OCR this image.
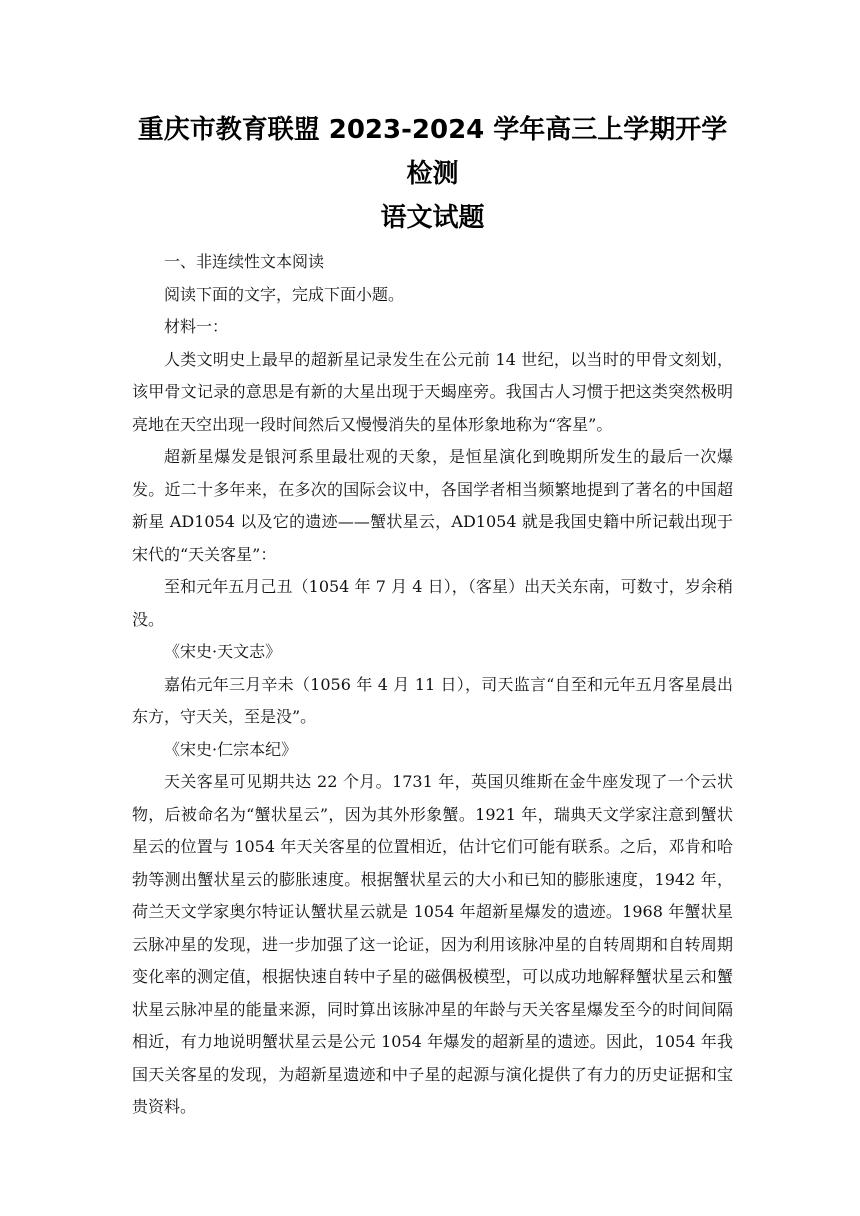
重庆市教育联盟 2023-2024 学年高三上学期开学检测
语文试题

一、非连续性文本阅读

阅读下面的文字，完成下面小题。

材料一：

人类文明史上最早的超新星记录发生在公元前 14 世纪，以当时的甲骨文刻划，该甲骨文记录的意思是有新的大星出现于天蝎座旁。我国古人习惯于把这类突然极明亮地在天空出现一段时间然后又慢慢消失的星体形象地称为“客星”。

超新星爆发是银河系里最壮观的天象，是恒星演化到晚期所发生的最后一次爆发。近二十多年来，在多次的国际会议中，各国学者相当频繁地提到了著名的中国超新星 AD1054 以及它的遗迹——蟹状星云，AD1054 就是我国史籍中所记载出现于宋代的“天关客星”：

至和元年五月己丑（1054 年 7 月 4 日），（客星）出天关东南，可数寸，岁余稍没。

《宋史·天文志》

嘉佑元年三月辛未（1056 年 4 月 11 日），司天监言“自至和元年五月客星晨出东方，守天关，至是没”。

《宋史·仁宗本纪》

天关客星可见期共达 22 个月。1731 年，英国贝维斯在金牛座发现了一个云状物，后被命名为“蟹状星云”，因为其外形象蟹。1921 年，瑞典天文学家注意到蟹状星云的位置与 1054 年天关客星的位置相近，估计它们可能有联系。之后，邓肯和哈勃等测出蟹状星云的膨胀速度。根据蟹状星云的大小和已知的膨胀速度，1942 年，荷兰天文学家奥尔特证认蟹状星云就是 1054 年超新星爆发的遗迹。1968 年蟹状星云脉冲星的发现，进一步加强了这一论证，因为利用该脉冲星的自转周期和自转周期变化率的测定值，根据快速自转中子星的磁偶极模型，可以成功地解释蟹状星云和蟹状星云脉冲星的能量来源，同时算出该脉冲星的年龄与天关客星爆发至今的时间间隔相近，有力地说明蟹状星云是公元 1054 年爆发的超新星的遗迹。因此，1054 年我国天关客星的发现，为超新星遗迹和中子星的起源与演化提供了有力的历史证据和宝贵资料。
